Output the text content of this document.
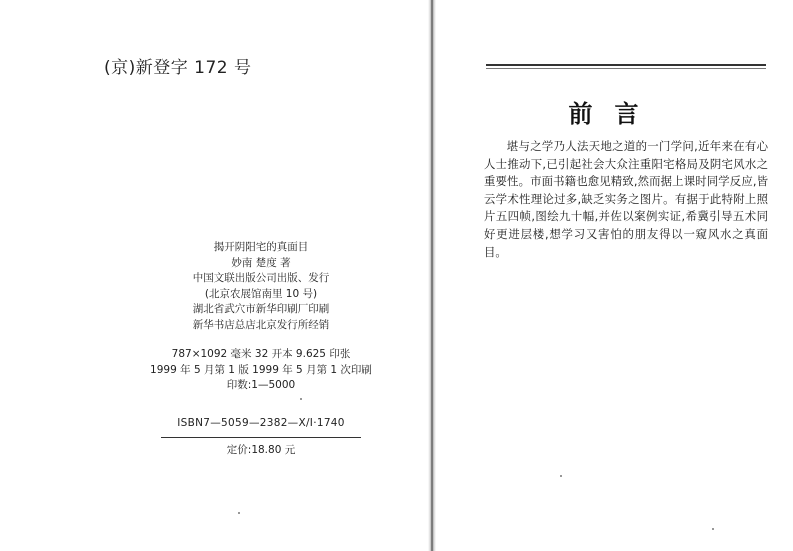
(京)新登字 172 号
揭开阴阳宅的真面目
妙南 楚度 著
中国文联出版公司出版、发行
(北京农展馆南里 10 号)
湖北省武穴市新华印刷厂印刷
新华书店总店北京发行所经销
787×1092 毫米 32 开本 9.625 印张
1999 年 5 月第 1 版 1999 年 5 月第 1 次印刷
印数:1—5000
ISBN7—5059—2382—X/I·1740
定价:18.80 元
前言
堪与之学乃人法天地之道的一门学问,近年来在有心人士推动下,已引起社会大众注重阳宅格局及阴宅风水之重要性。市面书籍也愈见精致,然而据上课时同学反应,皆云学术性理论过多,缺乏实务之图片。有据于此特附上照片五四帧,图绘九十幅,并佐以案例实证,希冀引导五术同好更进层楼,想学习又害怕的朋友得以一窥风水之真面目。
